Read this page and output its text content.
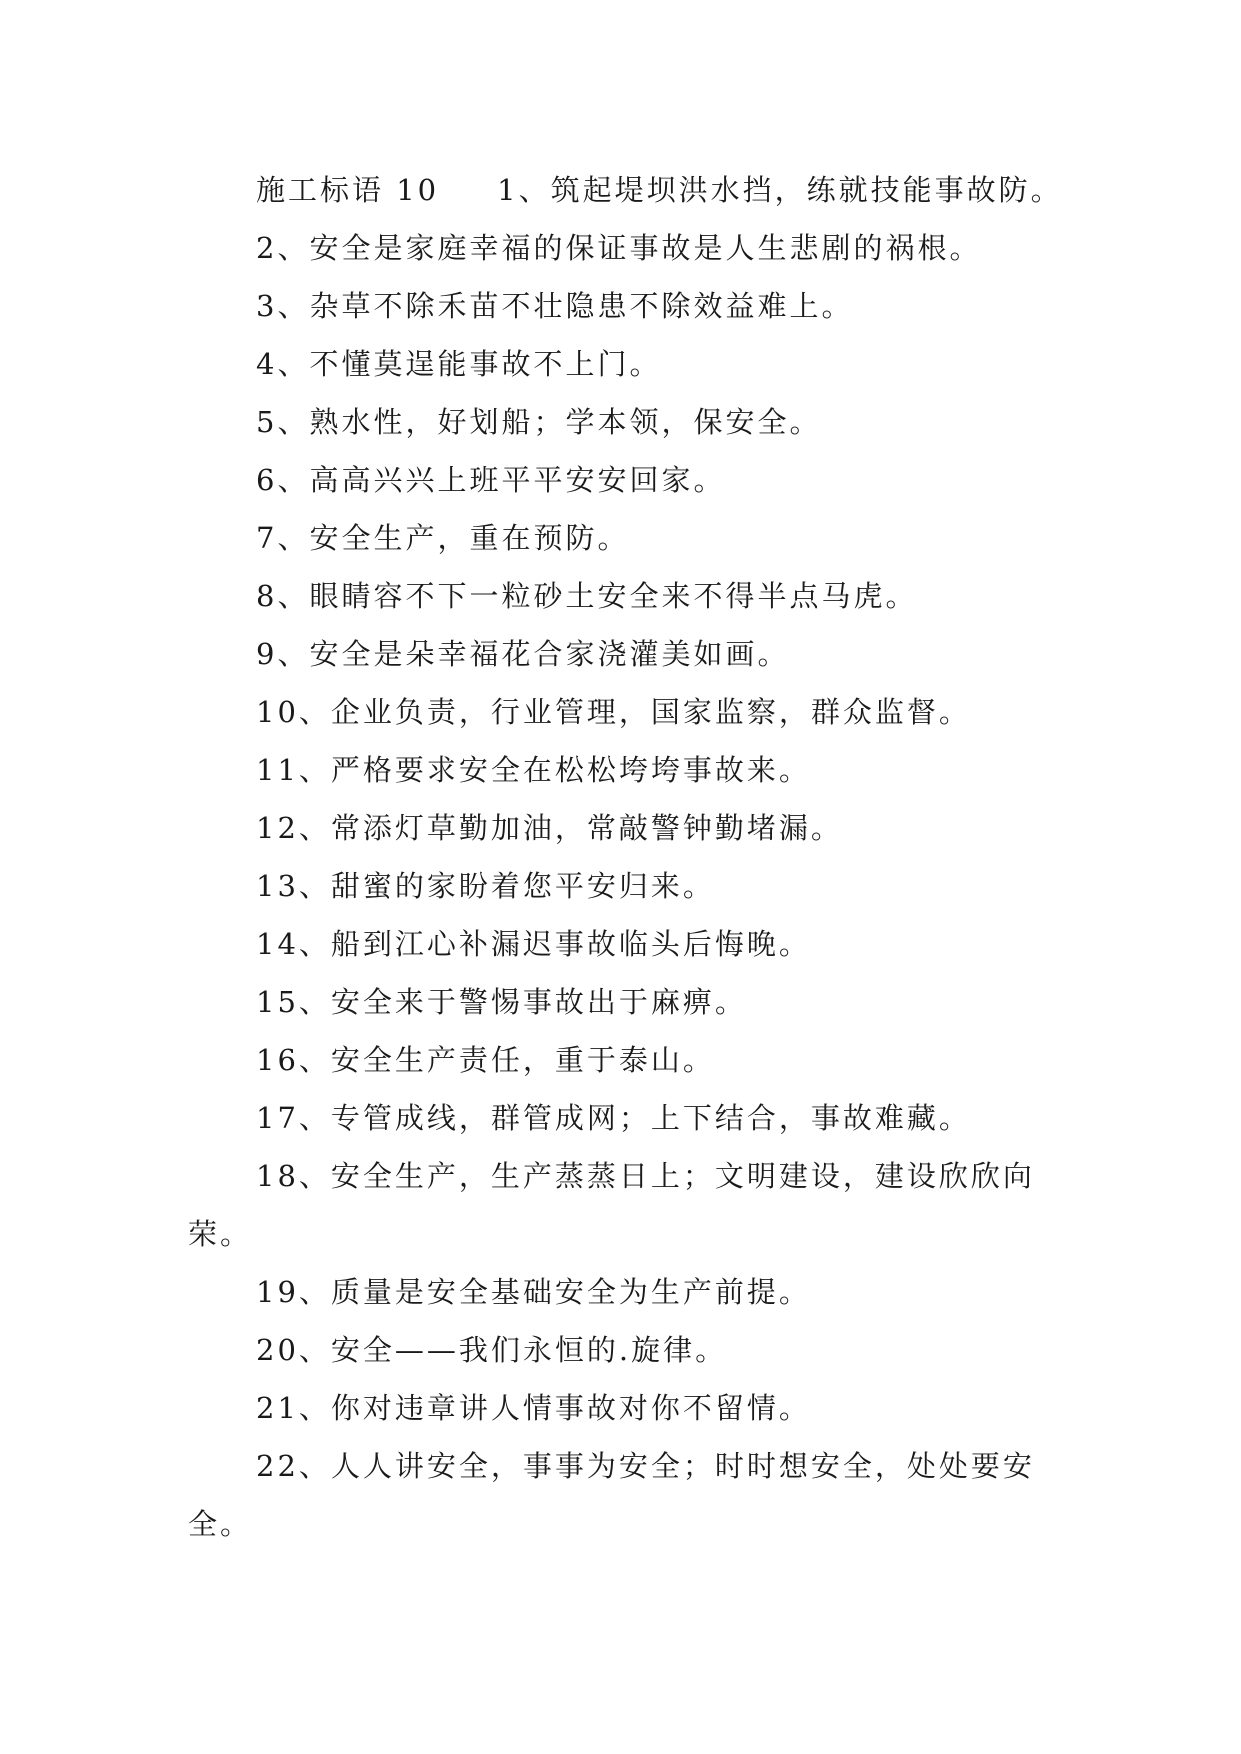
施工标语 10 1、筑起堤坝洪水挡，练就技能事故防。

2、安全是家庭幸福的保证事故是人生悲剧的祸根。

3、杂草不除禾苗不壮隐患不除效益难上。

4、不懂莫逞能事故不上门。

5、熟水性，好划船；学本领，保安全。

6、高高兴兴上班平平安安回家。

7、安全生产，重在预防。

8、眼睛容不下一粒砂土安全来不得半点马虎。

9、安全是朵幸福花合家浇灌美如画。

10、企业负责，行业管理，国家监察，群众监督。

11、严格要求安全在松松垮垮事故来。

12、常添灯草勤加油，常敲警钟勤堵漏。

13、甜蜜的家盼着您平安归来。

14、船到江心补漏迟事故临头后悔晚。

15、安全来于警惕事故出于麻痹。

16、安全生产责任，重于泰山。

17、专管成线，群管成网；上下结合，事故难藏。

18、安全生产，生产蒸蒸日上；文明建设，建设欣欣向荣。

19、质量是安全基础安全为生产前提。

20、安全——我们永恒的.旋律。

21、你对违章讲人情事故对你不留情。

22、人人讲安全，事事为安全；时时想安全，处处要安全。
